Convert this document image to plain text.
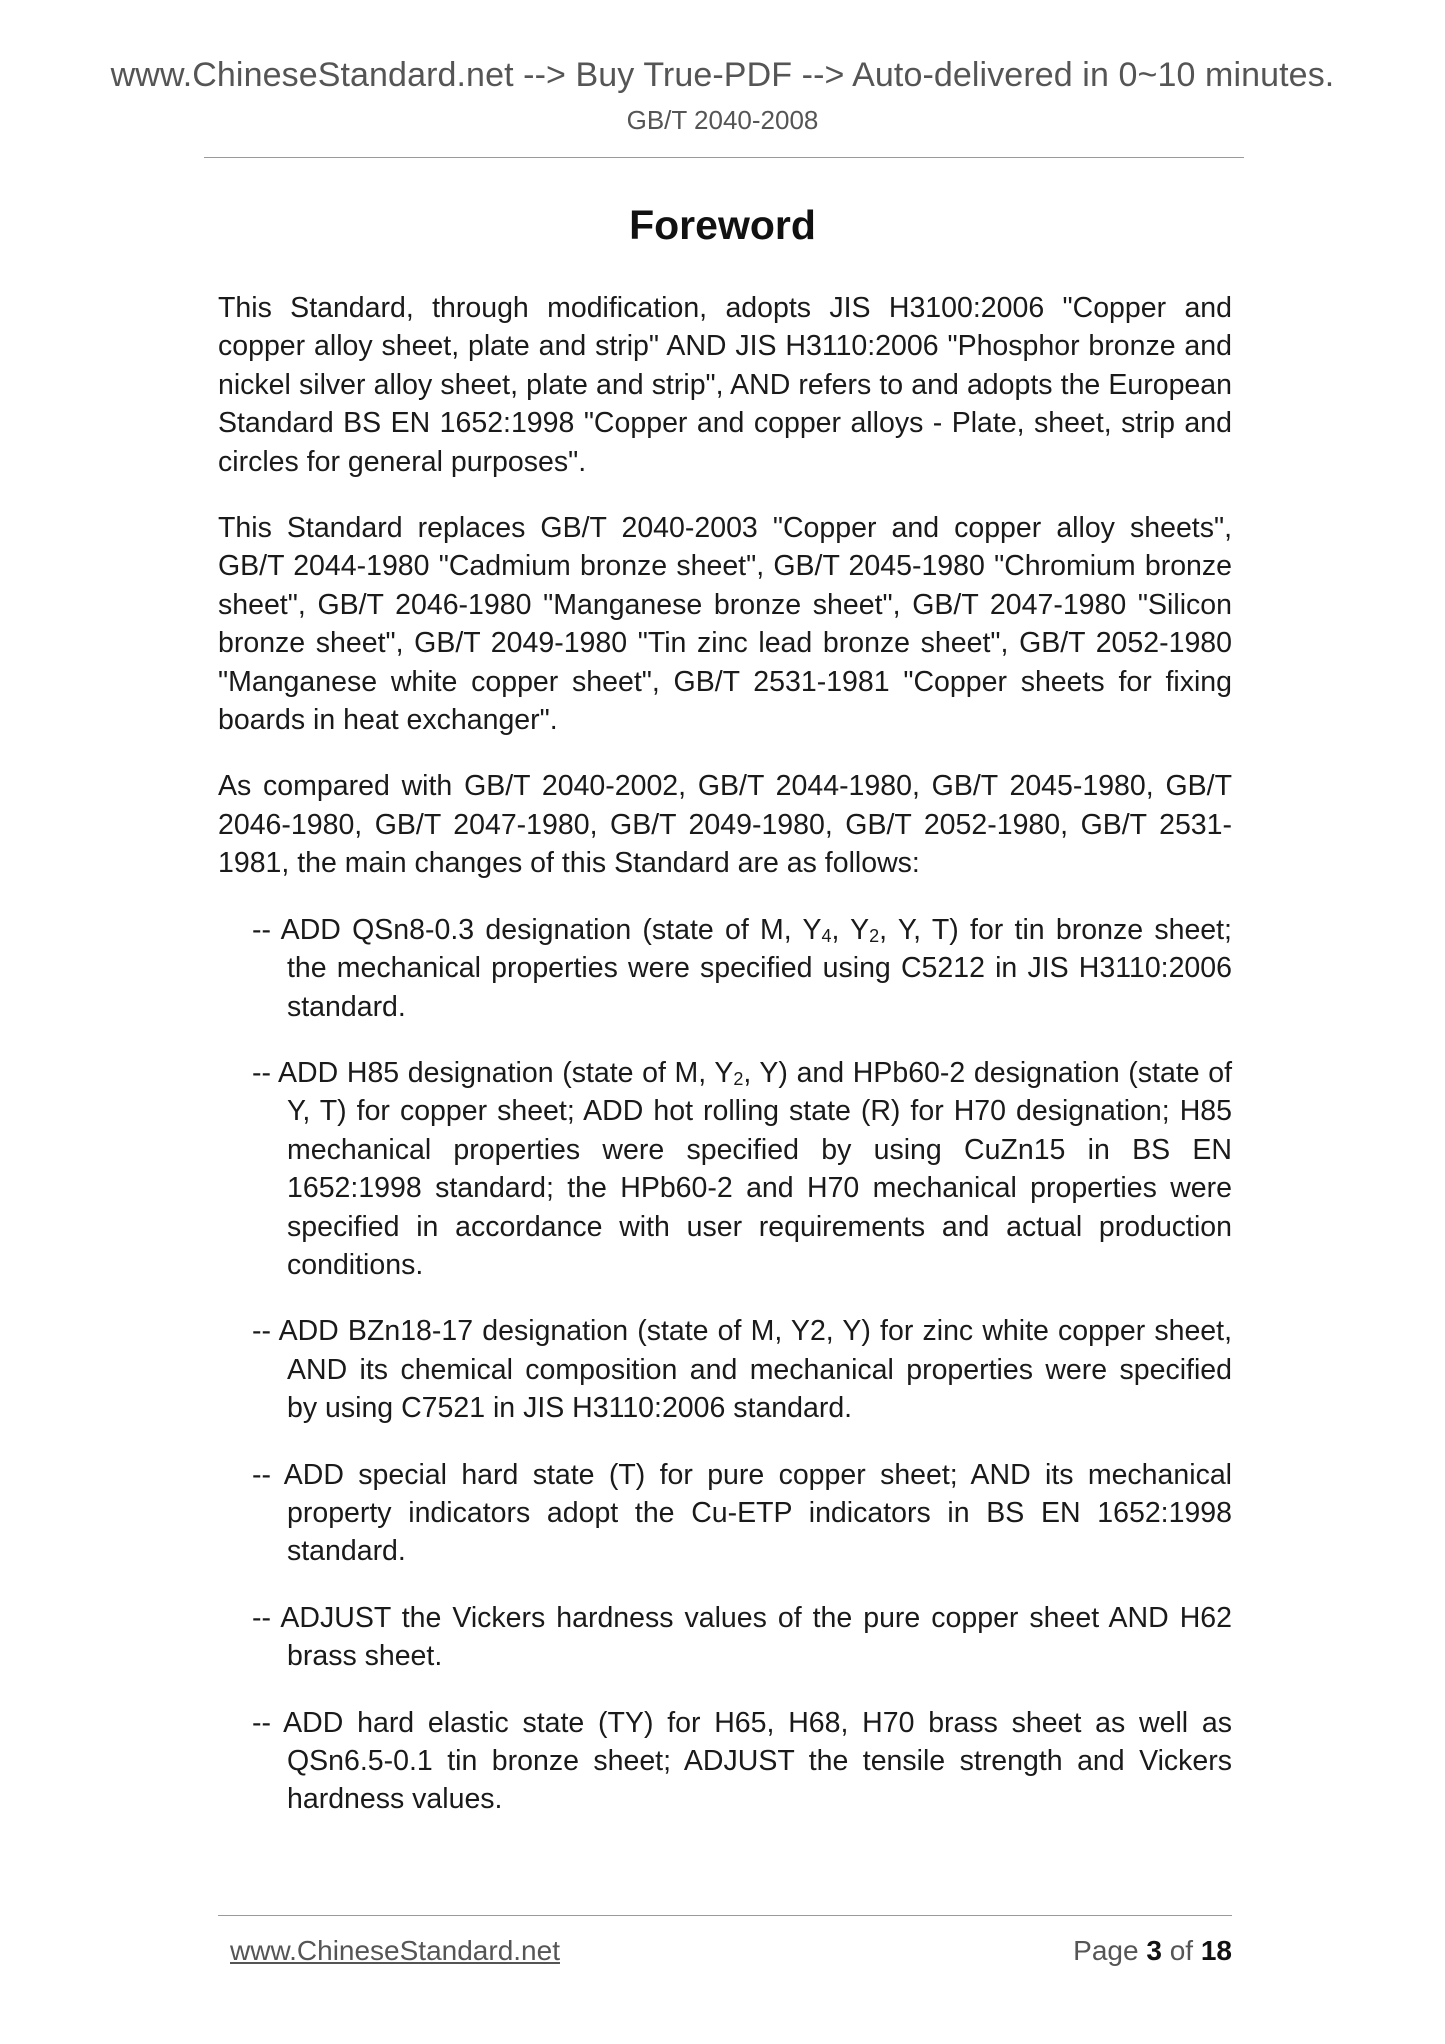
www.ChineseStandard.net --> Buy True-PDF --> Auto-delivered in 0~10 minutes.
GB/T 2040-2008
Foreword

This Standard, through modification, adopts JIS H3100:2006 "Copper and copper alloy sheet, plate and strip" AND JIS H3110:2006 "Phosphor bronze and nickel silver alloy sheet, plate and strip", AND refers to and adopts the European Standard BS EN 1652:1998 "Copper and copper alloys - Plate, sheet, strip and circles for general purposes".

This Standard replaces GB/T 2040-2003 "Copper and copper alloy sheets", GB/T 2044-1980 "Cadmium bronze sheet", GB/T 2045-1980 "Chromium bronze sheet", GB/T 2046-1980 "Manganese bronze sheet", GB/T 2047-1980 "Silicon bronze sheet", GB/T 2049-1980 "Tin zinc lead bronze sheet", GB/T 2052-1980 "Manganese white copper sheet", GB/T 2531-1981 "Copper sheets for fixing boards in heat exchanger".

As compared with GB/T 2040-2002, GB/T 2044-1980, GB/T 2045-1980, GB/T 2046-1980, GB/T 2047-1980, GB/T 2049-1980, GB/T 2052-1980, GB/T 2531-1981, the main changes of this Standard are as follows:

-- ADD QSn8-0.3 designation (state of M, $Y_4$, $Y_2$, Y, T) for tin bronze sheet; the mechanical properties were specified using C5212 in JIS H3110:2006 standard.

-- ADD H85 designation (state of M, $Y_2$, Y) and HPb60-2 designation (state of Y, T) for copper sheet; ADD hot rolling state (R) for H70 designation; H85 mechanical properties were specified by using CuZn15 in BS EN 1652:1998 standard; the HPb60-2 and H70 mechanical properties were specified in accordance with user requirements and actual production conditions.

-- ADD BZn18-17 designation (state of M, Y2, Y) for zinc white copper sheet, AND its chemical composition and mechanical properties were specified by using C7521 in JIS H3110:2006 standard.

-- ADD special hard state (T) for pure copper sheet; AND its mechanical property indicators adopt the Cu-ETP indicators in BS EN 1652:1998 standard.

-- ADJUST the Vickers hardness values of the pure copper sheet AND H62 brass sheet.

-- ADD hard elastic state (TY) for H65, H68, H70 brass sheet as well as QSn6.5-0.1 tin bronze sheet; ADJUST the tensile strength and Vickers hardness values.

www.ChineseStandard.net	Page 3 of 18
